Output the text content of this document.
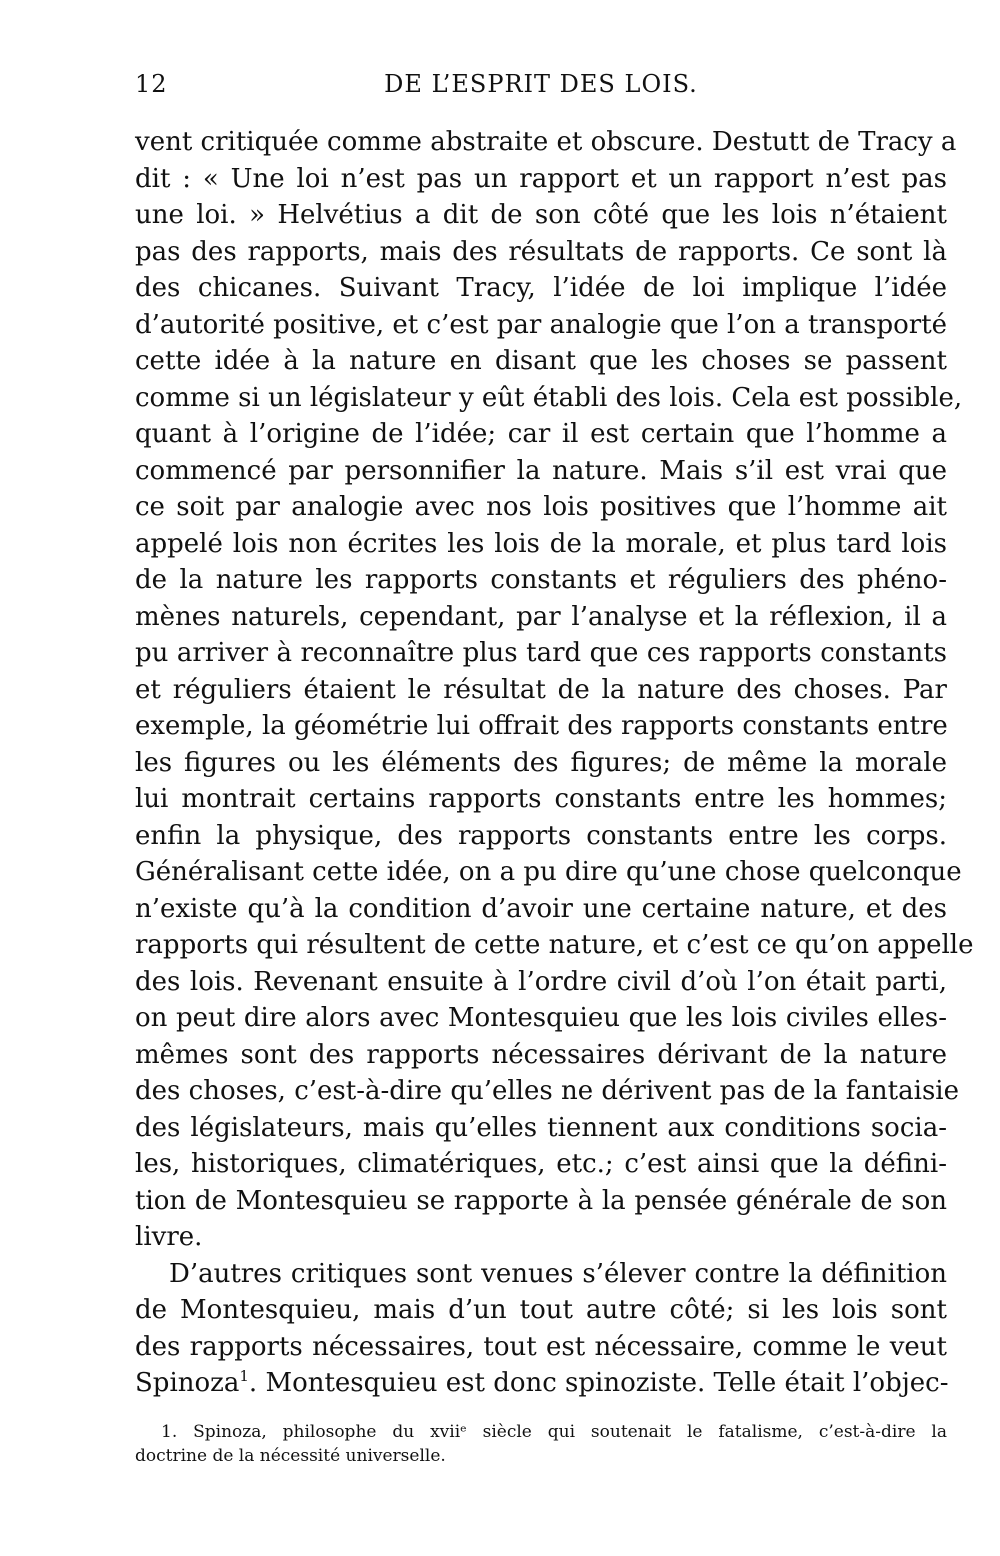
12	DE L’ESPRIT DES LOIS.
vent critiquée comme abstraite et obscure. Destutt de Tracy a
dit : « Une loi n’est pas un rapport et un rapport n’est pas
une loi. » Helvétius a dit de son côté que les lois n’étaient
pas des rapports, mais des résultats de rapports. Ce sont là
des chicanes. Suivant Tracy, l’idée de loi implique l’idée
d’autorité positive, et c’est par analogie que l’on a transporté
cette idée à la nature en disant que les choses se passent
comme si un législateur y eût établi des lois. Cela est possible,
quant à l’origine de l’idée; car il est certain que l’homme a
commencé par personnifier la nature. Mais s’il est vrai que
ce soit par analogie avec nos lois positives que l’homme ait
appelé lois non écrites les lois de la morale, et plus tard lois
de la nature les rapports constants et réguliers des phéno-
mènes naturels, cependant, par l’analyse et la réflexion, il a
pu arriver à reconnaître plus tard que ces rapports constants
et réguliers étaient le résultat de la nature des choses. Par
exemple, la géométrie lui offrait des rapports constants entre
les figures ou les éléments des figures; de même la morale
lui montrait certains rapports constants entre les hommes;
enfin la physique, des rapports constants entre les corps.
Généralisant cette idée, on a pu dire qu’une chose quelconque
n’existe qu’à la condition d’avoir une certaine nature, et des
rapports qui résultent de cette nature, et c’est ce qu’on appelle
des lois. Revenant ensuite à l’ordre civil d’où l’on était parti,
on peut dire alors avec Montesquieu que les lois civiles elles-
mêmes sont des rapports nécessaires dérivant de la nature
des choses, c’est-à-dire qu’elles ne dérivent pas de la fantaisie
des législateurs, mais qu’elles tiennent aux conditions socia-
les, historiques, climatériques, etc.; c’est ainsi que la défini-
tion de Montesquieu se rapporte à la pensée générale de son
livre.
D’autres critiques sont venues s’élever contre la définition
de Montesquieu, mais d’un tout autre côté; si les lois sont
des rapports nécessaires, tout est nécessaire, comme le veut
Spinoza$^1$. Montesquieu est donc spinoziste. Telle était l’objec-
1. Spinoza, philosophe du xviiᵉ siècle qui soutenait le fatalisme, c’est-à-dire la
doctrine de la nécessité universelle.
